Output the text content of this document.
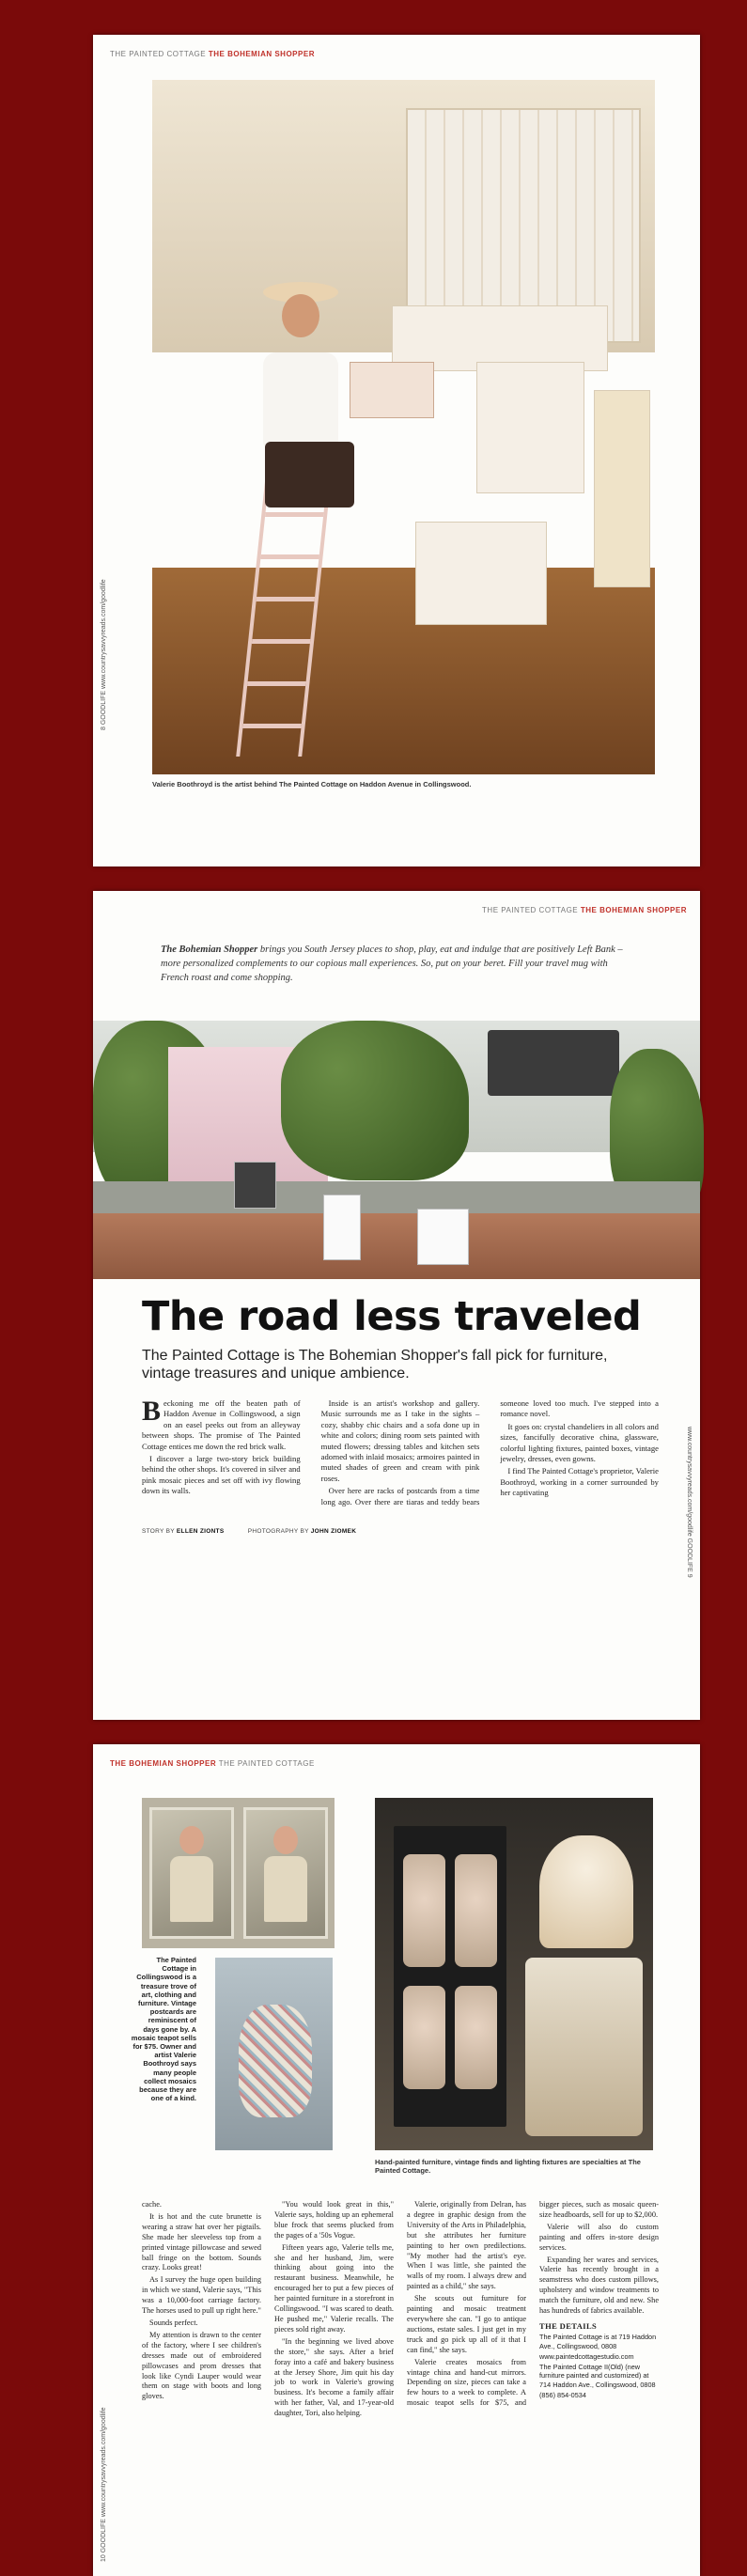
THE PAINTED COTTAGE THE BOHEMIAN SHOPPER
Valerie Boothroyd is the artist behind The Painted Cottage on Haddon Avenue in Collingswood.
8 GOODLIFE www.countrysavvyreads.com/goodlife
THE PAINTED COTTAGE THE BOHEMIAN SHOPPER
The Bohemian Shopper brings you South Jersey places to shop, play, eat and indulge that are positively Left Bank – more personalized complements to our copious mall experiences. So, put on your beret. Fill your travel mug with French roast and come shopping.
The road less traveled
The Painted Cottage is The Bohemian Shopper's fall pick for furniture, vintage treasures and unique ambience.

Beckoning me off the beaten path of Haddon Avenue in Collingswood, a sign on an easel peeks out from an alleyway between shops. The promise of The Painted Cottage entices me down the red brick walk.

I discover a large two-story brick building behind the other shops. It's covered in silver and pink mosaic pieces and set off with ivy flowing down its walls.

Inside is an artist's workshop and gallery. Music surrounds me as I take in the sights – cozy, shabby chic chairs and a sofa done up in white and colors; dining room sets painted with muted flowers; dressing tables and kitchen sets adorned with inlaid mosaics; armoires painted in muted shades of green and cream with pink roses.

Over here are racks of postcards from a time long ago. Over there are tiaras and teddy bears someone loved too much. I've stepped into a romance novel.

It goes on: crystal chandeliers in all colors and sizes, fancifully decorative china, glassware, colorful lighting fixtures, painted boxes, vintage jewelry, dresses, even gowns.

I find The Painted Cottage's proprietor, Valerie Boothroyd, working in a corner surrounded by her captivating

STORY BY ELLEN ZIONTS	PHOTOGRAPHY BY JOHN ZIOMEK	www.countrysavvyreads.com/goodlife GOODLIFE 9
THE BOHEMIAN SHOPPER THE PAINTED COTTAGE
The Painted Cottage in Collingswood is a treasure trove of art, clothing and furniture. Vintage postcards are reminiscent of days gone by. A mosaic teapot sells for $75. Owner and artist Valerie Boothroyd says many people collect mosaics because they are one of a kind.
Hand-painted furniture, vintage finds and lighting fixtures are specialties at The Painted Cottage.

cache.

It is hot and the cute brunette is wearing a straw hat over her pigtails. She made her sleeveless top from a printed vintage pillowcase and sewed ball fringe on the bottom. Sounds crazy. Looks great!

As I survey the huge open building in which we stand, Valerie says, "This was a 10,000-foot carriage factory. The horses used to pull up right here."

Sounds perfect.

My attention is drawn to the center of the factory, where I see children's dresses made out of embroidered pillowcases and prom dresses that look like Cyndi Lauper would wear them on stage with boots and long gloves.

"You would look great in this," Valerie says, holding up an ephemeral blue frock that seems plucked from the pages of a '50s Vogue.

Fifteen years ago, Valerie tells me, she and her husband, Jim, were thinking about going into the restaurant business. Meanwhile, he encouraged her to put a few pieces of her painted furniture in a storefront in Collingswood. "I was scared to death. He pushed me," Valerie recalls. The pieces sold right away.

"In the beginning we lived above the store," she says. After a brief foray into a café and bakery business at the Jersey Shore, Jim quit his day job to work in Valerie's growing business. It's become a family affair with her father, Val, and 17-year-old daughter, Tori, also helping.

Valerie, originally from Delran, has a degree in graphic design from the University of the Arts in Philadelphia, but she attributes her furniture painting to her own predilections. "My mother had the artist's eye. When I was little, she painted the walls of my room. I always drew and painted as a child," she says.

She scouts out furniture for painting and mosaic treatment everywhere she can. "I go to antique auctions, estate sales. I just get in my truck and go pick up all of it that I can find," she says.

Valerie creates mosaics from vintage china and hand-cut mirrors. Depending on size, pieces can take a few hours to a week to complete. A mosaic teapot sells for $75, and bigger pieces, such as mosaic queen-size headboards, sell for up to $2,000.

Valerie will also do custom painting and offers in-store design services.

Expanding her wares and services, Valerie has recently brought in a seamstress who does custom pillows, upholstery and window treatments to match the furniture, old and new. She has hundreds of fabrics available.

THE DETAILS

The Painted Cottage is at 719 Haddon Ave., Collingswood, 0808

www.paintedcottagestudio.com

The Painted Cottage II(Old) (new furniture painted and customized) at 714 Haddon Ave., Collingswood, 0808

(856) 854-0534

10 GOODLIFE www.countrysavvyreads.com/goodlife
